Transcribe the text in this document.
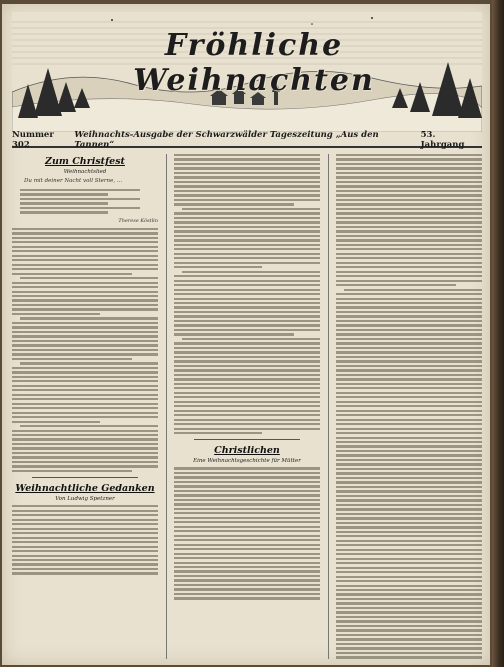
Fröhliche Weihnachten
Nummer 302
Weihnachts-Ausgabe der Schwarzwälder Tageszeitung „Aus den Tannen“
53. Jahrgang
Zum Christfest
Weihnachtslied
Du mit deiner Nacht voll Sterne, ...
Therese Köstlin
Weihnachtliche Gedanken
Von Ludwig Spetzner
Christlichen
Eine Weihnachtsgeschichte für Mütter
